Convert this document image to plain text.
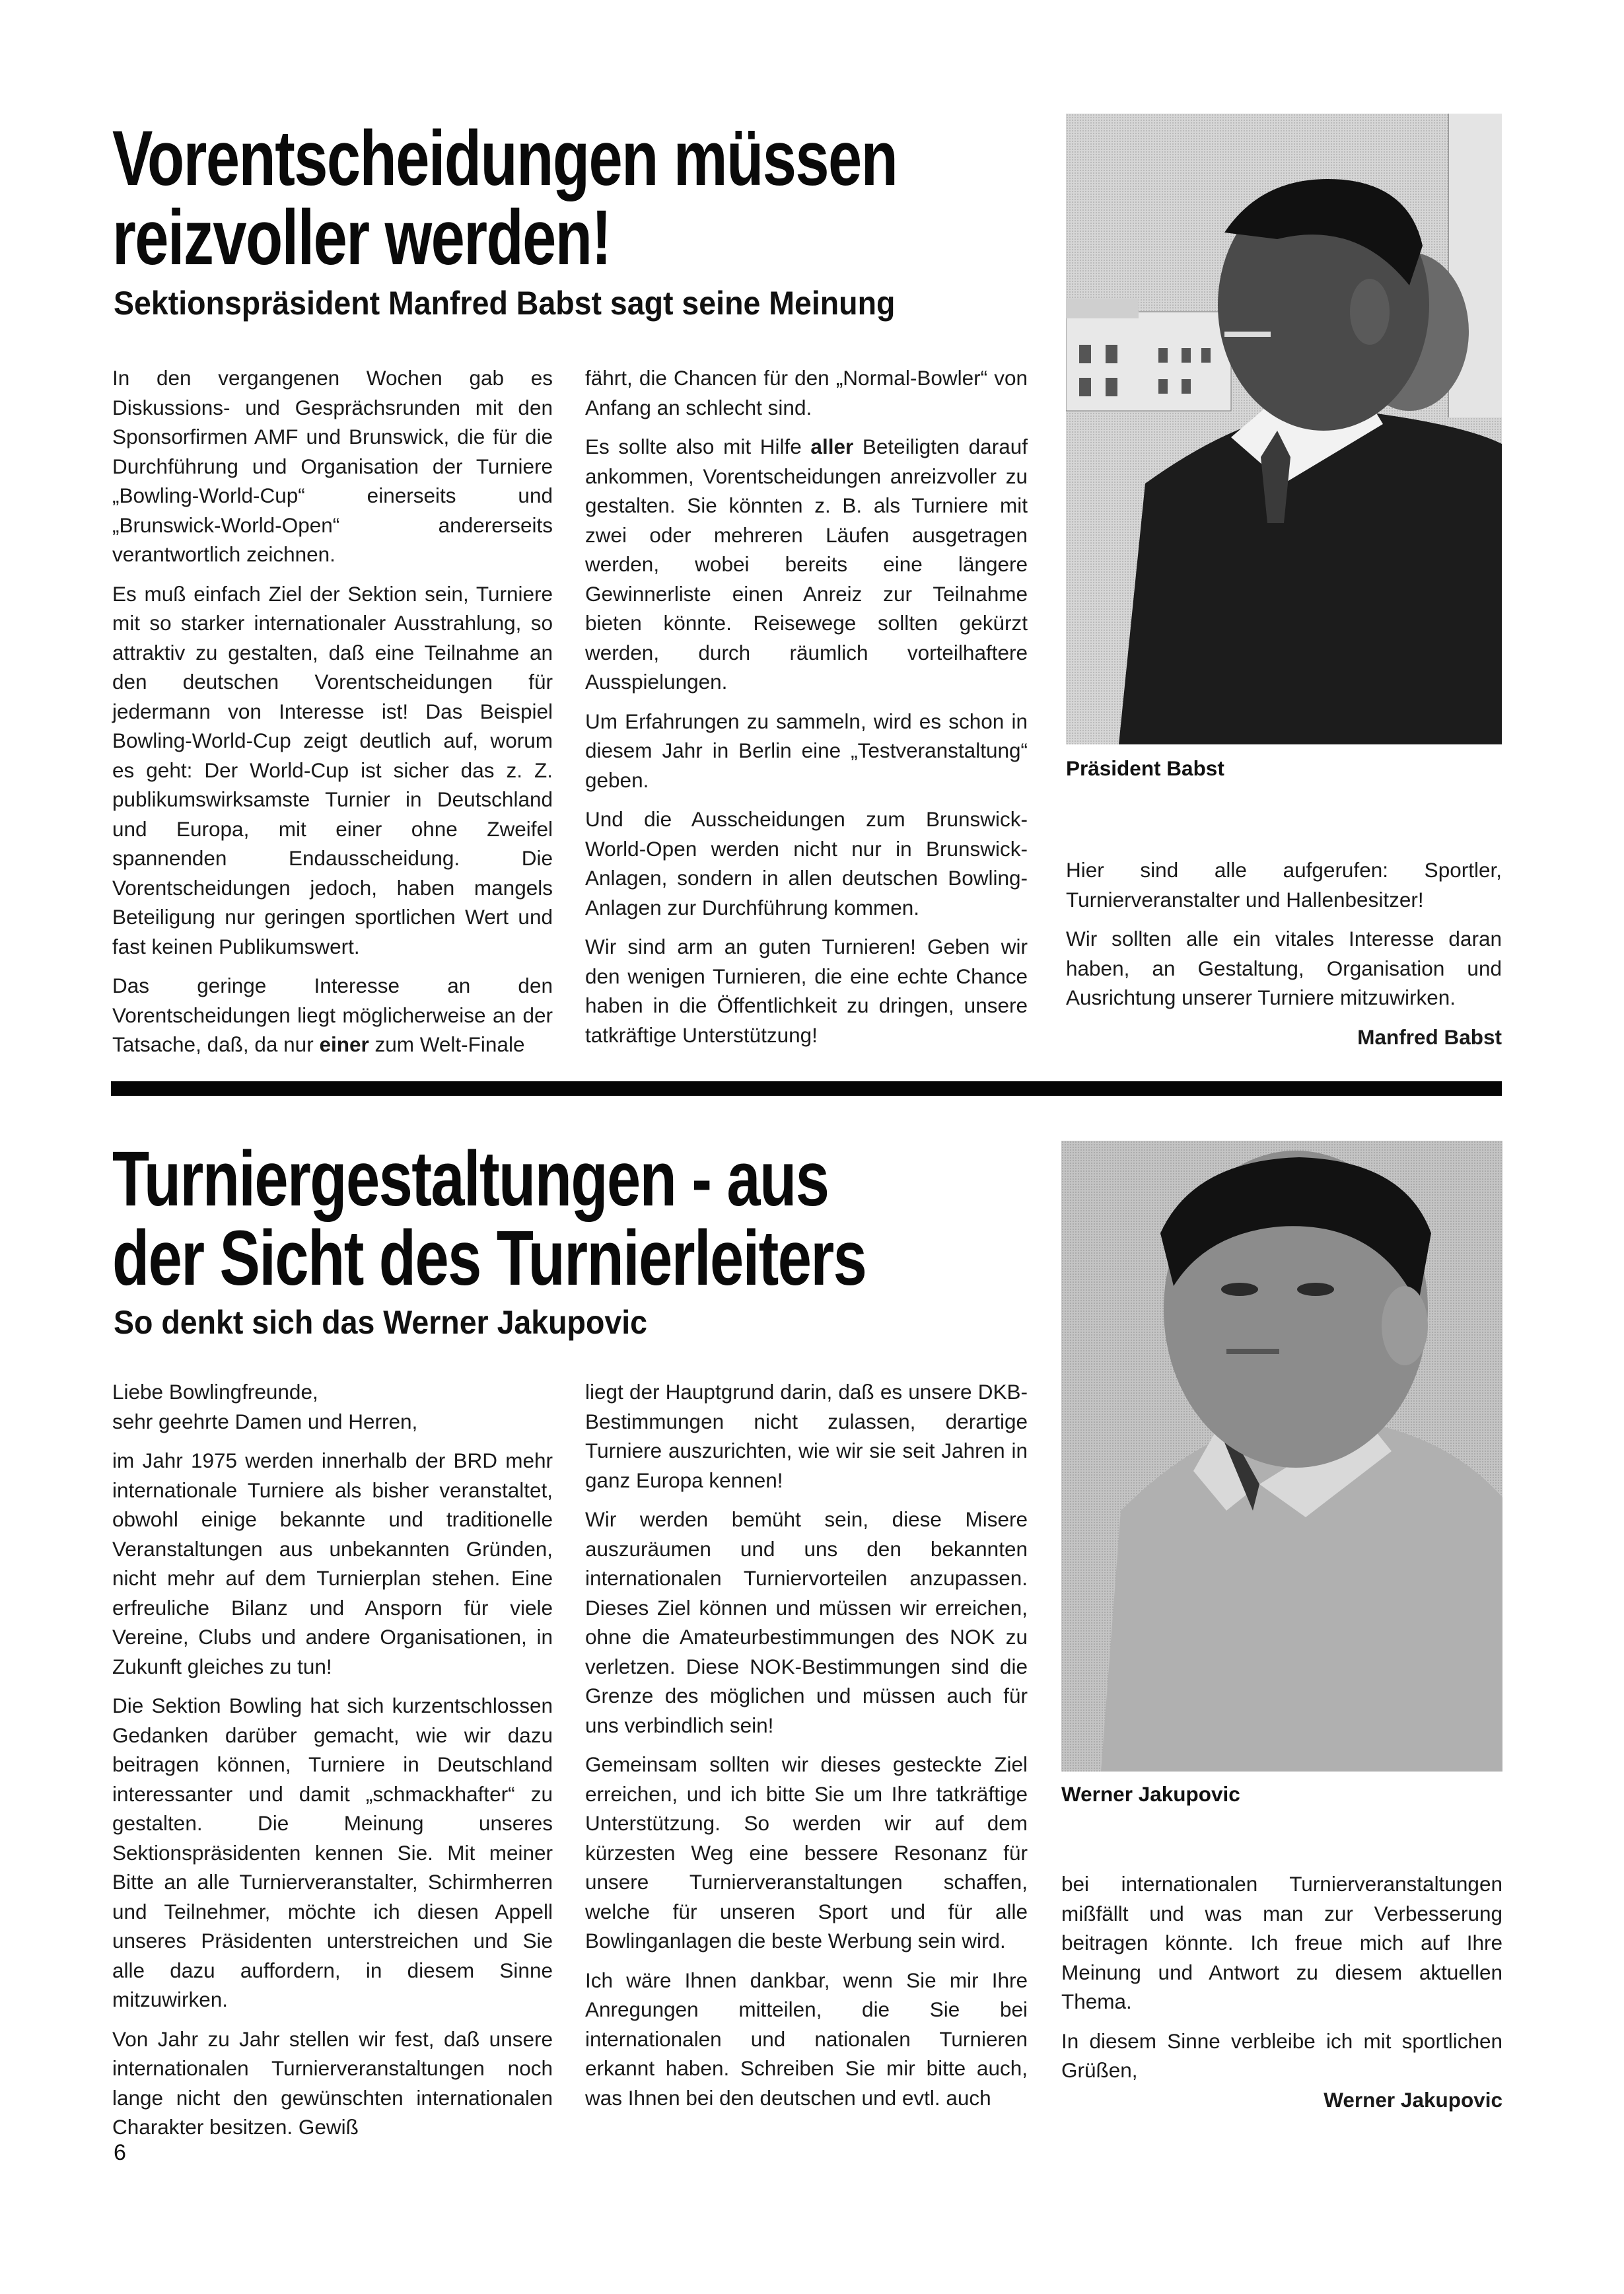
Vorentscheidungen müssen
reizvoller werden!
Sektionspräsident Manfred Babst sagt seine Meinung

In den vergangenen Wochen gab es Diskussions- und Gesprächsrunden mit den Sponsorfirmen AMF und Brunswick, die für die Durchführung und Organisation der Turniere „Bowling-World-Cup“ einerseits und „Brunswick-World-Open“ andererseits verantwortlich zeichnen.

Es muß einfach Ziel der Sektion sein, Turniere mit so starker internationaler Ausstrahlung, so attraktiv zu gestalten, daß eine Teilnahme an den deutschen Vorentscheidungen für jedermann von Interesse ist! Das Beispiel Bowling-World-Cup zeigt deutlich auf, worum es geht: Der World-Cup ist sicher das z. Z. publikumswirksamste Turnier in Deutschland und Europa, mit einer ohne Zweifel spannenden Endausscheidung. Die Vorentscheidungen jedoch, haben mangels Beteiligung nur geringen sportlichen Wert und fast keinen Publikumswert.

Das geringe Interesse an den Vorentscheidungen liegt möglicherweise an der Tatsache, daß, da nur einer zum Welt-Finale

fährt, die Chancen für den „Normal-Bowler“ von Anfang an schlecht sind.

Es sollte also mit Hilfe aller Beteiligten darauf ankommen, Vorentscheidungen anreizvoller zu gestalten. Sie könnten z. B. als Turniere mit zwei oder mehreren Läufen ausgetragen werden, wobei bereits eine längere Gewinnerliste einen Anreiz zur Teilnahme bieten könnte. Reisewege sollten gekürzt werden, durch räumlich vorteilhaftere Ausspielungen.

Um Erfahrungen zu sammeln, wird es schon in diesem Jahr in Berlin eine „Testveranstaltung“ geben.

Und die Ausscheidungen zum Brunswick-World-Open werden nicht nur in Brunswick-Anlagen, sondern in allen deutschen Bowling-Anlagen zur Durchführung kommen.

Wir sind arm an guten Turnieren! Geben wir den wenigen Turnieren, die eine echte Chance haben in die Öffentlichkeit zu dringen, unsere tatkräftige Unterstützung!

Präsident Babst

Hier sind alle aufgerufen: Sportler, Turnierveranstalter und Hallenbesitzer!

Wir sollten alle ein vitales Interesse daran haben, an Gestaltung, Organisation und Ausrichtung unserer Turniere mitzuwirken.

Manfred Babst

Turniergestaltungen - aus
der Sicht des Turnierleiters
So denkt sich das Werner Jakupovic

Liebe Bowlingfreunde,

sehr geehrte Damen und Herren,

im Jahr 1975 werden innerhalb der BRD mehr internationale Turniere als bisher veranstaltet, obwohl einige bekannte und traditionelle Veranstaltungen aus unbekannten Gründen, nicht mehr auf dem Turnierplan stehen. Eine erfreuliche Bilanz und Ansporn für viele Vereine, Clubs und andere Organisationen, in Zukunft gleiches zu tun!

Die Sektion Bowling hat sich kurzentschlossen Gedanken darüber gemacht, wie wir dazu beitragen können, Turniere in Deutschland interessanter und damit „schmackhafter“ zu gestalten. Die Meinung unseres Sektionspräsidenten kennen Sie. Mit meiner Bitte an alle Turnierveranstalter, Schirmherren und Teilnehmer, möchte ich diesen Appell unseres Präsidenten unterstreichen und Sie alle dazu auffordern, in diesem Sinne mitzuwirken.

Von Jahr zu Jahr stellen wir fest, daß unsere internationalen Turnierveranstaltungen noch lange nicht den gewünschten internationalen Charakter besitzen. Gewiß

liegt der Hauptgrund darin, daß es unsere DKB-Bestimmungen nicht zulassen, derartige Turniere auszurichten, wie wir sie seit Jahren in ganz Europa kennen!

Wir werden bemüht sein, diese Misere auszuräumen und uns den bekannten internationalen Turniervorteilen anzupassen. Dieses Ziel können und müssen wir erreichen, ohne die Amateurbestimmungen des NOK zu verletzen. Diese NOK-Bestimmungen sind die Grenze des möglichen und müssen auch für uns verbindlich sein!

Gemeinsam sollten wir dieses gesteckte Ziel erreichen, und ich bitte Sie um Ihre tatkräftige Unterstützung. So werden wir auf dem kürzesten Weg eine bessere Resonanz für unsere Turnierveranstaltungen schaffen, welche für unseren Sport und für alle Bowlinganlagen die beste Werbung sein wird.

Ich wäre Ihnen dankbar, wenn Sie mir Ihre Anregungen mitteilen, die Sie bei internationalen und nationalen Turnieren erkannt haben. Schreiben Sie mir bitte auch, was Ihnen bei den deutschen und evtl. auch

Werner Jakupovic

bei internationalen Turnierveranstaltungen mißfällt und was man zur Verbesserung beitragen könnte. Ich freue mich auf Ihre Meinung und Antwort zu diesem aktuellen Thema.

In diesem Sinne verbleibe ich mit sportlichen Grüßen,

Werner Jakupovic

6
